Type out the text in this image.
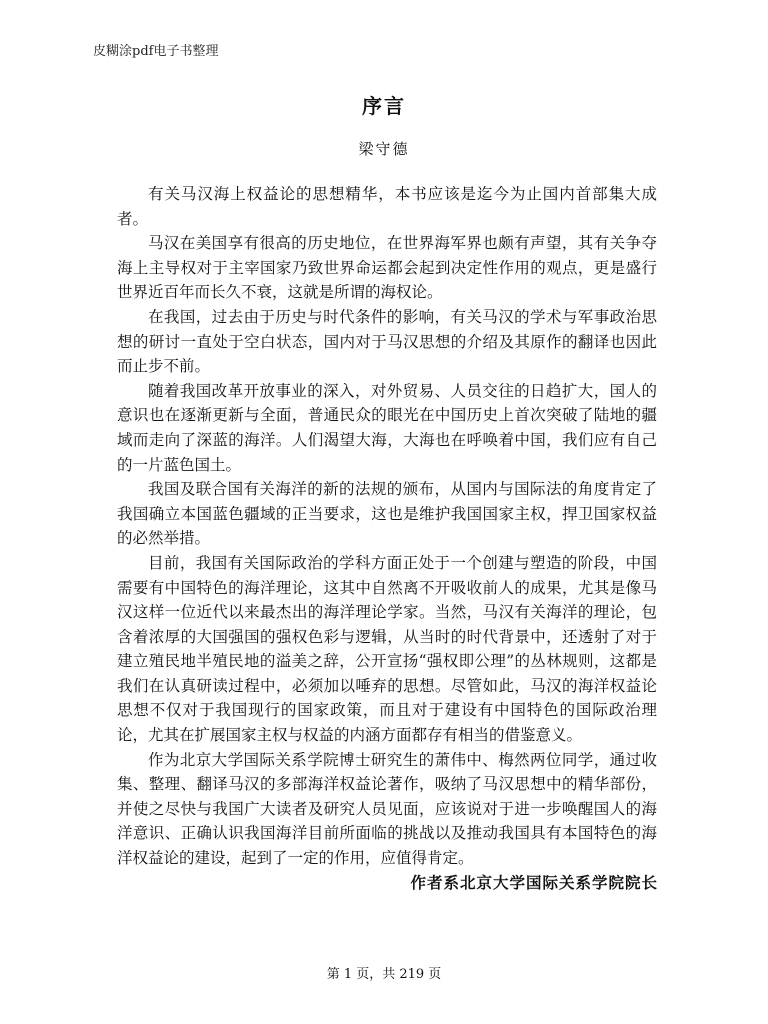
皮糊涂pdf电子书整理
序言
梁守德

有关马汉海上权益论的思想精华，本书应该是迄今为止国内首部集大成者。

马汉在美国享有很高的历史地位，在世界海军界也颇有声望，其有关争夺海上主导权对于主宰国家乃致世界命运都会起到决定性作用的观点，更是盛行世界近百年而长久不衰，这就是所谓的海权论。

在我国，过去由于历史与时代条件的影响，有关马汉的学术与军事政治思想的研讨一直处于空白状态，国内对于马汉思想的介绍及其原作的翻译也因此而止步不前。

随着我国改革开放事业的深入，对外贸易、人员交往的日趋扩大，国人的意识也在逐渐更新与全面，普通民众的眼光在中国历史上首次突破了陆地的疆域而走向了深蓝的海洋。人们渴望大海，大海也在呼唤着中国，我们应有自己的一片蓝色国土。

我国及联合国有关海洋的新的法规的颁布，从国内与国际法的角度肯定了我国确立本国蓝色疆域的正当要求，这也是维护我国国家主权，捍卫国家权益的必然举措。

目前，我国有关国际政治的学科方面正处于一个创建与塑造的阶段，中国需要有中国特色的海洋理论，这其中自然离不开吸收前人的成果，尤其是像马汉这样一位近代以来最杰出的海洋理论学家。当然，马汉有关海洋的理论，包含着浓厚的大国强国的强权色彩与逻辑，从当时的时代背景中，还透射了对于建立殖民地半殖民地的溢美之辞，公开宣扬“强权即公理”的丛林规则，这都是我们在认真研读过程中，必须加以唾弃的思想。尽管如此，马汉的海洋权益论思想不仅对于我国现行的国家政策，而且对于建设有中国特色的国际政治理论，尤其在扩展国家主权与权益的内涵方面都存有相当的借鉴意义。

作为北京大学国际关系学院博士研究生的萧伟中、梅然两位同学，通过收集、整理、翻译马汉的多部海洋权益论著作，吸纳了马汉思想中的精华部份，并使之尽快与我国广大读者及研究人员见面，应该说对于进一步唤醒国人的海洋意识、正确认识我国海洋目前所面临的挑战以及推动我国具有本国特色的海洋权益论的建设，起到了一定的作用，应值得肯定。

作者系北京大学国际关系学院院长
第 1 页，共 219 页
